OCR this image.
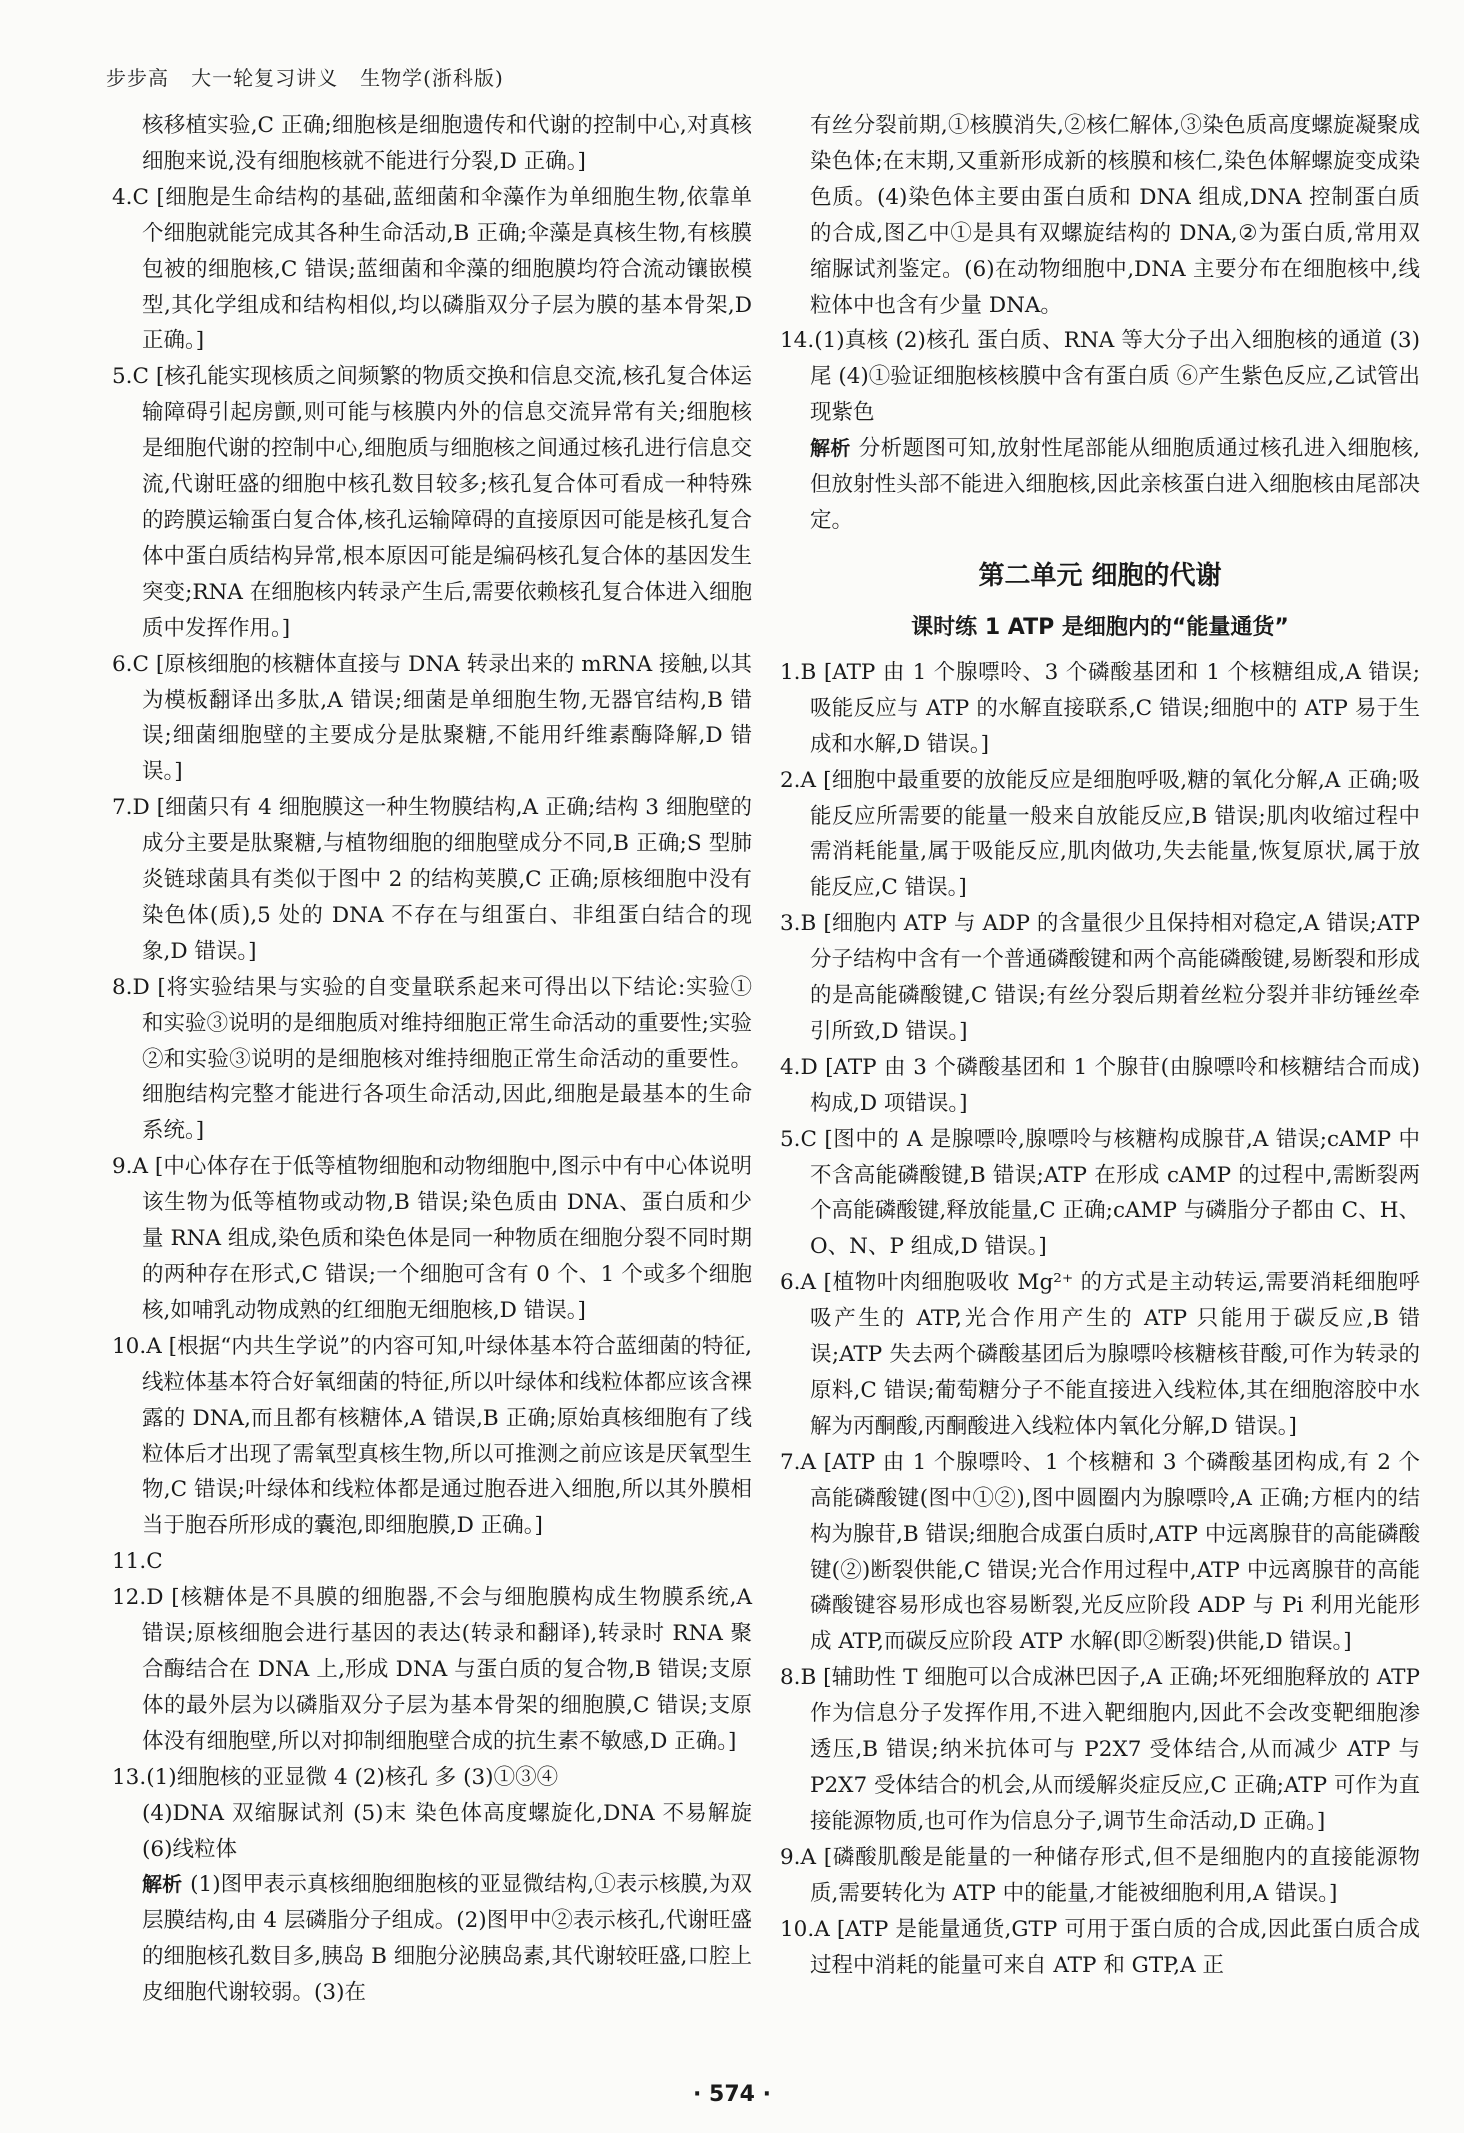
步步高   大一轮复习讲义   生物学(浙科版)

核移植实验,C 正确;细胞核是细胞遗传和代谢的控制中心,对真核细胞来说,没有细胞核就不能进行分裂,D 正确。]

4.C [细胞是生命结构的基础,蓝细菌和伞藻作为单细胞生物,依靠单个细胞就能完成其各种生命活动,B 正确;伞藻是真核生物,有核膜包被的细胞核,C 错误;蓝细菌和伞藻的细胞膜均符合流动镶嵌模型,其化学组成和结构相似,均以磷脂双分子层为膜的基本骨架,D 正确。]

5.C [核孔能实现核质之间频繁的物质交换和信息交流,核孔复合体运输障碍引起房颤,则可能与核膜内外的信息交流异常有关;细胞核是细胞代谢的控制中心,细胞质与细胞核之间通过核孔进行信息交流,代谢旺盛的细胞中核孔数目较多;核孔复合体可看成一种特殊的跨膜运输蛋白复合体,核孔运输障碍的直接原因可能是核孔复合体中蛋白质结构异常,根本原因可能是编码核孔复合体的基因发生突变;RNA 在细胞核内转录产生后,需要依赖核孔复合体进入细胞质中发挥作用。]

6.C [原核细胞的核糖体直接与 DNA 转录出来的 mRNA 接触,以其为模板翻译出多肽,A 错误;细菌是单细胞生物,无器官结构,B 错误;细菌细胞壁的主要成分是肽聚糖,不能用纤维素酶降解,D 错误。]

7.D [细菌只有 4 细胞膜这一种生物膜结构,A 正确;结构 3 细胞壁的成分主要是肽聚糖,与植物细胞的细胞壁成分不同,B 正确;S 型肺炎链球菌具有类似于图中 2 的结构荚膜,C 正确;原核细胞中没有染色体(质),5 处的 DNA 不存在与组蛋白、非组蛋白结合的现象,D 错误。]

8.D [将实验结果与实验的自变量联系起来可得出以下结论:实验①和实验③说明的是细胞质对维持细胞正常生命活动的重要性;实验②和实验③说明的是细胞核对维持细胞正常生命活动的重要性。细胞结构完整才能进行各项生命活动,因此,细胞是最基本的生命系统。]

9.A [中心体存在于低等植物细胞和动物细胞中,图示中有中心体说明该生物为低等植物或动物,B 错误;染色质由 DNA、蛋白质和少量 RNA 组成,染色质和染色体是同一种物质在细胞分裂不同时期的两种存在形式,C 错误;一个细胞可含有 0 个、1 个或多个细胞核,如哺乳动物成熟的红细胞无细胞核,D 错误。]

10.A [根据“内共生学说”的内容可知,叶绿体基本符合蓝细菌的特征,线粒体基本符合好氧细菌的特征,所以叶绿体和线粒体都应该含裸露的 DNA,而且都有核糖体,A 错误,B 正确;原始真核细胞有了线粒体后才出现了需氧型真核生物,所以可推测之前应该是厌氧型生物,C 错误;叶绿体和线粒体都是通过胞吞进入细胞,所以其外膜相当于胞吞所形成的囊泡,即细胞膜,D 正确。]

11.C

12.D [核糖体是不具膜的细胞器,不会与细胞膜构成生物膜系统,A 错误;原核细胞会进行基因的表达(转录和翻译),转录时 RNA 聚合酶结合在 DNA 上,形成 DNA 与蛋白质的复合物,B 错误;支原体的最外层为以磷脂双分子层为基本骨架的细胞膜,C 错误;支原体没有细胞壁,所以对抑制细胞壁合成的抗生素不敏感,D 正确。]

13.(1)细胞核的亚显微 4 (2)核孔 多 (3)①③④

(4)DNA 双缩脲试剂 (5)末 染色体高度螺旋化,DNA 不易解旋 (6)线粒体

解析 (1)图甲表示真核细胞细胞核的亚显微结构,①表示核膜,为双层膜结构,由 4 层磷脂分子组成。(2)图甲中②表示核孔,代谢旺盛的细胞核孔数目多,胰岛 B 细胞分泌胰岛素,其代谢较旺盛,口腔上皮细胞代谢较弱。(3)在

有丝分裂前期,①核膜消失,②核仁解体,③染色质高度螺旋凝聚成染色体;在末期,又重新形成新的核膜和核仁,染色体解螺旋变成染色质。(4)染色体主要由蛋白质和 DNA 组成,DNA 控制蛋白质的合成,图乙中①是具有双螺旋结构的 DNA,②为蛋白质,常用双缩脲试剂鉴定。(6)在动物细胞中,DNA 主要分布在细胞核中,线粒体中也含有少量 DNA。

14.(1)真核 (2)核孔 蛋白质、RNA 等大分子出入细胞核的通道 (3)尾 (4)①验证细胞核核膜中含有蛋白质 ⑥产生紫色反应,乙试管出现紫色

解析 分析题图可知,放射性尾部能从细胞质通过核孔进入细胞核,但放射性头部不能进入细胞核,因此亲核蛋白进入细胞核由尾部决定。

第二单元 细胞的代谢
课时练 1 ATP 是细胞内的“能量通货”

1.B [ATP 由 1 个腺嘌呤、3 个磷酸基团和 1 个核糖组成,A 错误;吸能反应与 ATP 的水解直接联系,C 错误;细胞中的 ATP 易于生成和水解,D 错误。]

2.A [细胞中最重要的放能反应是细胞呼吸,糖的氧化分解,A 正确;吸能反应所需要的能量一般来自放能反应,B 错误;肌肉收缩过程中需消耗能量,属于吸能反应,肌肉做功,失去能量,恢复原状,属于放能反应,C 错误。]

3.B [细胞内 ATP 与 ADP 的含量很少且保持相对稳定,A 错误;ATP 分子结构中含有一个普通磷酸键和两个高能磷酸键,易断裂和形成的是高能磷酸键,C 错误;有丝分裂后期着丝粒分裂并非纺锤丝牵引所致,D 错误。]

4.D [ATP 由 3 个磷酸基团和 1 个腺苷(由腺嘌呤和核糖结合而成)构成,D 项错误。]

5.C [图中的 A 是腺嘌呤,腺嘌呤与核糖构成腺苷,A 错误;cAMP 中不含高能磷酸键,B 错误;ATP 在形成 cAMP 的过程中,需断裂两个高能磷酸键,释放能量,C 正确;cAMP 与磷脂分子都由 C、H、O、N、P 组成,D 错误。]

6.A [植物叶肉细胞吸收 Mg²⁺ 的方式是主动转运,需要消耗细胞呼吸产生的 ATP,光合作用产生的 ATP 只能用于碳反应,B 错误;ATP 失去两个磷酸基团后为腺嘌呤核糖核苷酸,可作为转录的原料,C 错误;葡萄糖分子不能直接进入线粒体,其在细胞溶胶中水解为丙酮酸,丙酮酸进入线粒体内氧化分解,D 错误。]

7.A [ATP 由 1 个腺嘌呤、1 个核糖和 3 个磷酸基团构成,有 2 个高能磷酸键(图中①②),图中圆圈内为腺嘌呤,A 正确;方框内的结构为腺苷,B 错误;细胞合成蛋白质时,ATP 中远离腺苷的高能磷酸键(②)断裂供能,C 错误;光合作用过程中,ATP 中远离腺苷的高能磷酸键容易形成也容易断裂,光反应阶段 ADP 与 Pi 利用光能形成 ATP,而碳反应阶段 ATP 水解(即②断裂)供能,D 错误。]

8.B [辅助性 T 细胞可以合成淋巴因子,A 正确;坏死细胞释放的 ATP 作为信息分子发挥作用,不进入靶细胞内,因此不会改变靶细胞渗透压,B 错误;纳米抗体可与 P2X7 受体结合,从而减少 ATP 与 P2X7 受体结合的机会,从而缓解炎症反应,C 正确;ATP 可作为直接能源物质,也可作为信息分子,调节生命活动,D 正确。]

9.A [磷酸肌酸是能量的一种储存形式,但不是细胞内的直接能源物质,需要转化为 ATP 中的能量,才能被细胞利用,A 错误。]

10.A [ATP 是能量通货,GTP 可用于蛋白质的合成,因此蛋白质合成过程中消耗的能量可来自 ATP 和 GTP,A 正

· 574 ·
